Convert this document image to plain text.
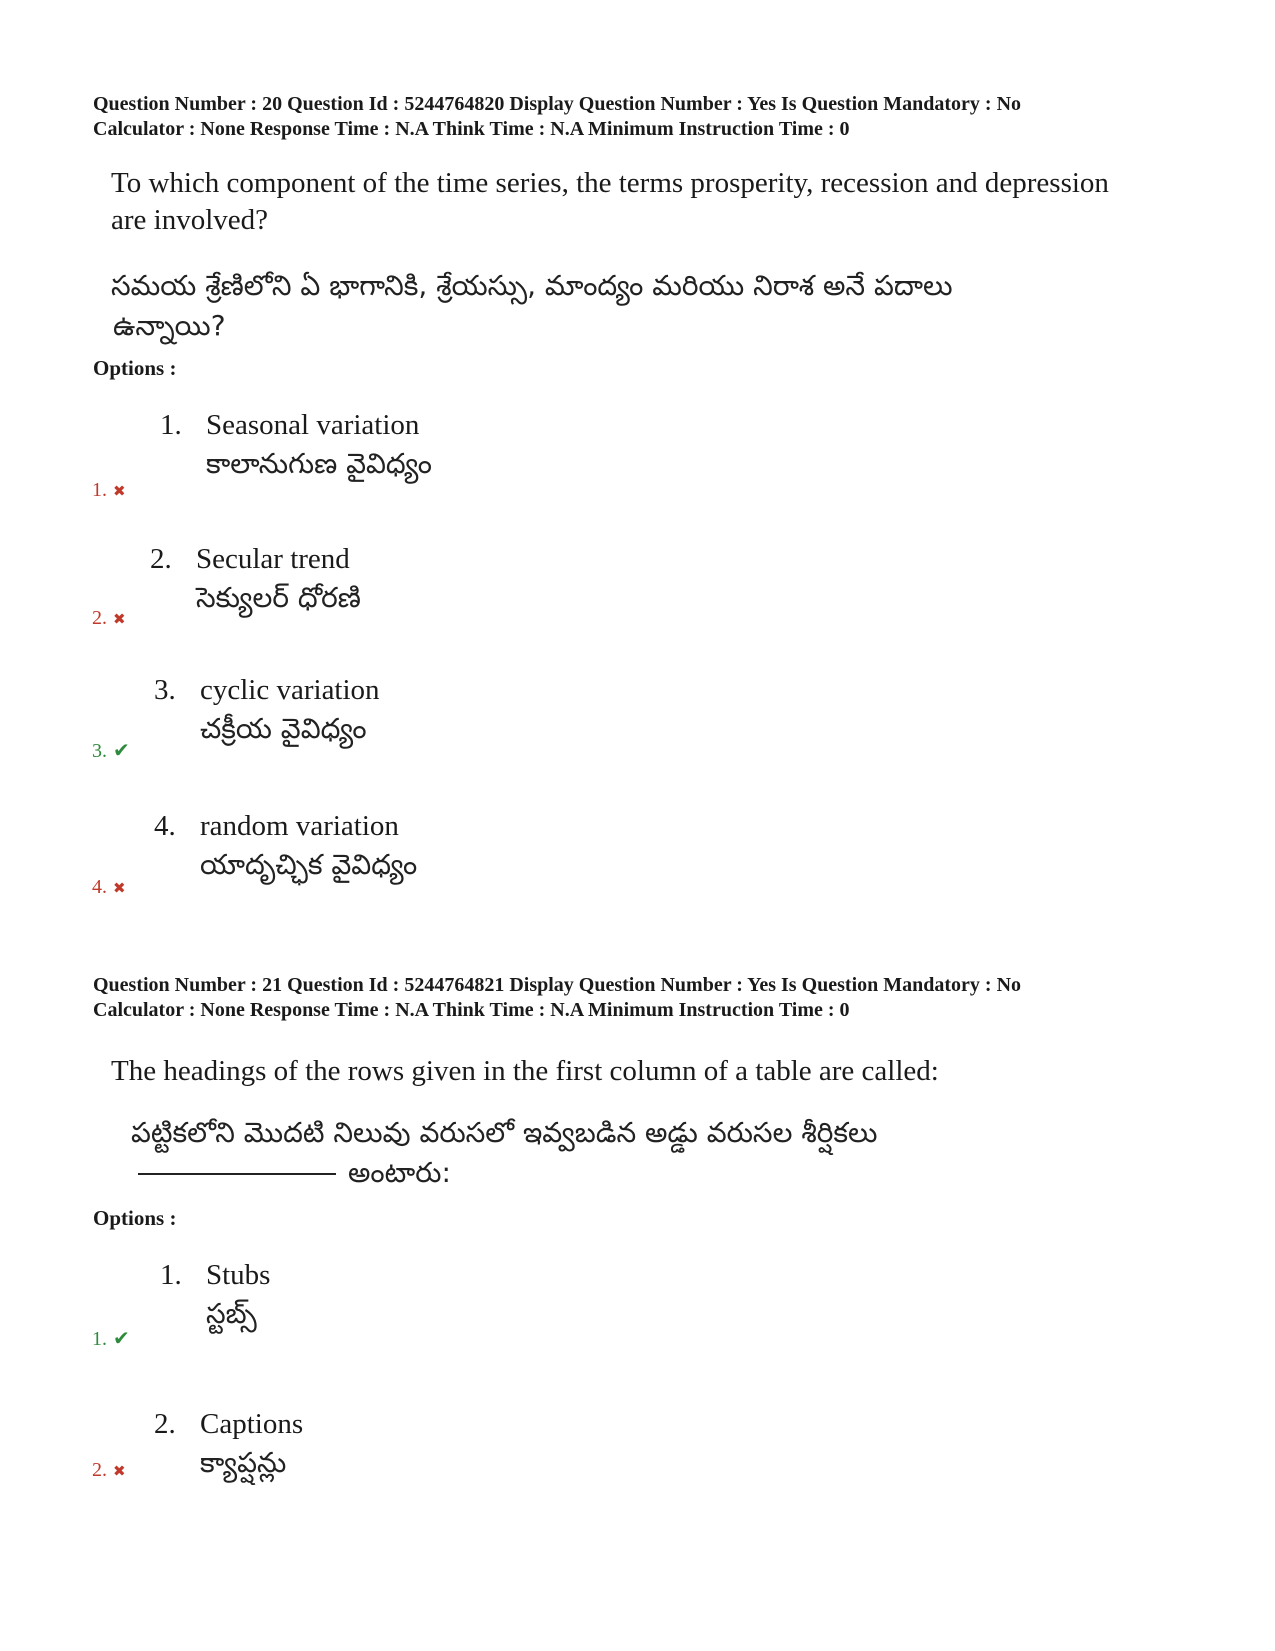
Question Number : 20 Question Id : 5244764820 Display Question Number : Yes Is Question Mandatory : No
Calculator : None Response Time : N.A Think Time : N.A Minimum Instruction Time : 0
To which component of the time series, the terms prosperity, recession and depression
are involved?
సమయ శ్రేణిలోని ఏ భాగానికి, శ్రేయస్సు, మాంద్యం మరియు నిరాశ అనే పదాలు
ఉన్నాయి?
Options :
1. Seasonal variation
కాలానుగుణ వైవిధ్యం
1. ✖
2. Secular trend
సెక్యులర్ ధోరణి
2. ✖
3. cyclic variation
చక్రీయ వైవిధ్యం
3. ✔
4. random variation
యాదృచ్ఛిక వైవిధ్యం
4. ✖
Question Number : 21 Question Id : 5244764821 Display Question Number : Yes Is Question Mandatory : No
Calculator : None Response Time : N.A Think Time : N.A Minimum Instruction Time : 0
The headings of the rows given in the first column of a table are called:
పట్టికలోని మొదటి నిలువు వరుసలో ఇవ్వబడిన అడ్డు వరుసల శీర్షికలు
అంటారు:
Options :
1. Stubs
స్టబ్స్
1. ✔
2. Captions
క్యాప్షన్లు
2. ✖
